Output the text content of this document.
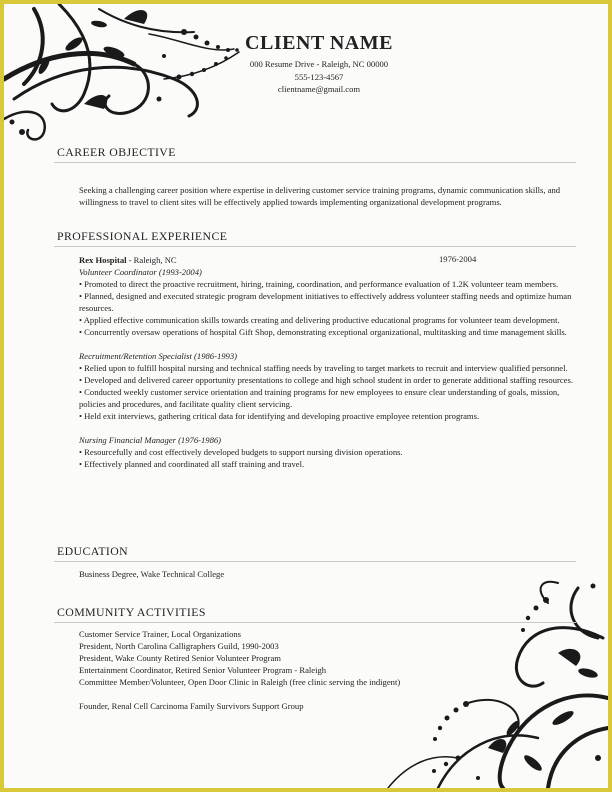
CLIENT NAME
000 Resume Drive - Raleigh, NC 00000
555-123-4567
clientname@gmail.com
CAREER OBJECTIVE
Seeking a challenging career position where expertise in delivering customer service training programs, dynamic communication skills, and willingness to travel to client sites will be effectively applied towards implementing organizational development programs.
PROFESSIONAL EXPERIENCE
Rex Hospital - Raleigh, NC
Volunteer Coordinator (1993-2004)
• Promoted to direct the proactive recruitment, hiring, training, coordination, and performance evaluation of 1.2K volunteer team members.
• Planned, designed and executed strategic program development initiatives to effectively address volunteer staffing needs and optimize human resources.
• Applied effective communication skills towards creating and delivering productive educational programs for volunteer team development.
• Concurrently oversaw operations of hospital Gift Shop, demonstrating exceptional organizational, multitasking and time management skills.
Recruitment/Retention Specialist (1986-1993)
• Relied upon to fulfill hospital nursing and technical staffing needs by traveling to target markets to recruit and interview qualified personnel.
• Developed and delivered career opportunity presentations to college and high school student in order to generate additional staffing resources.
• Conducted weekly customer service orientation and training programs for new employees to ensure clear understanding of goals, mission, policies and procedures, and facilitate quality client servicing.
• Held exit interviews, gathering critical data for identifying and developing proactive employee retention programs.
Nursing Financial Manager (1976-1986)
• Resourcefully and cost effectively developed budgets to support nursing division operations.
• Effectively planned and coordinated all staff training and travel.
1976-2004
EDUCATION
Business Degree, Wake Technical College
COMMUNITY ACTIVITIES
Customer Service Trainer, Local Organizations
President, North Carolina Calligraphers Guild, 1990-2003
President, Wake County Retired Senior Volunteer Program
Entertainment Coordinator, Retired Senior Volunteer Program - Raleigh
Committee Member/Volunteer, Open Door Clinic in Raleigh (free clinic serving the indigent)
Founder, Renal Cell Carcinoma Family Survivors Support Group
